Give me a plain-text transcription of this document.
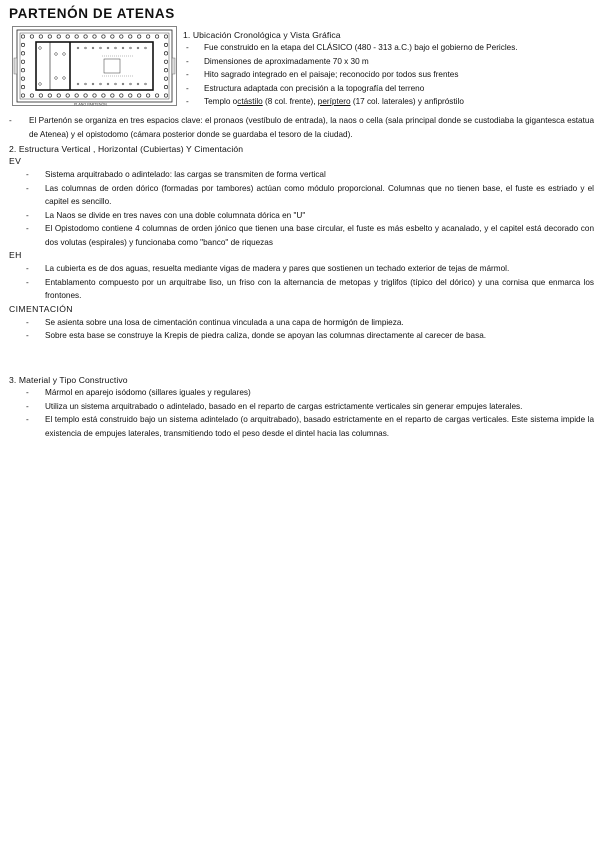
PARTENÓN DE ATENAS
PLANO PARTENÓN
1. Ubicación Cronológica y Vista Gráfica
- Fue construido en la etapa del CLÁSICO (480 - 313 a.C.) bajo el gobierno de Pericles.
- Dimensiones de aproximadamente 70 x 30 m
- Hito sagrado integrado en el paisaje; reconocido por todos sus frentes
- Estructura adaptada con precisión a la topografía del terreno
- Templo octástilo (8 col. frente), períptero (17 col. laterales) y anfipróstilo
- El Partenón se organiza en tres espacios clave: el pronaos (vestíbulo de entrada), la naos o cella (sala principal donde se custodiaba la gigantesca estatua de Atenea) y el opistodomo (cámara posterior donde se guardaba el tesoro de la ciudad).
2. Estructura Vertical , Horizontal (Cubiertas) Y Cimentación
EV
- Sistema arquitrabado o adintelado: las cargas se transmiten de forma vertical
- Las columnas de orden dórico (formadas por tambores) actúan como módulo proporcional. Columnas que no tienen base, el fuste es estriado y el capitel es sencillo.
- La Naos se divide en tres naves con una doble columnata dórica en "U"
- El Opistodomo contiene 4 columnas de orden jónico que tienen una base circular, el fuste es más esbelto y acanalado, y el capitel está decorado con dos volutas (espirales) y funcionaba como "banco" de riquezas
EH
- La cubierta es de dos aguas, resuelta mediante vigas de madera y pares que sostienen un techado exterior de tejas de mármol.
- Entablamento compuesto por un arquitrabe liso, un friso con la alternancia de metopas y triglifos (típico del dórico) y una cornisa que enmarca los frontones.
CIMENTACIÓN
- Se asienta sobre una losa de cimentación continua vinculada a una capa de hormigón de limpieza.
- Sobre esta base se construye la Krepis de piedra caliza, donde se apoyan las columnas directamente al carecer de basa.
3. Material y Tipo Constructivo
- Mármol en aparejo isódomo (sillares iguales y regulares)
- Utiliza un sistema arquitrabado o adintelado, basado en el reparto de cargas estrictamente verticales sin generar empujes laterales.
- El templo está construido bajo un sistema adintelado (o arquitrabado), basado estrictamente en el reparto de cargas verticales. Este sistema impide la existencia de empujes laterales, transmitiendo todo el peso desde el dintel hacia las columnas.
